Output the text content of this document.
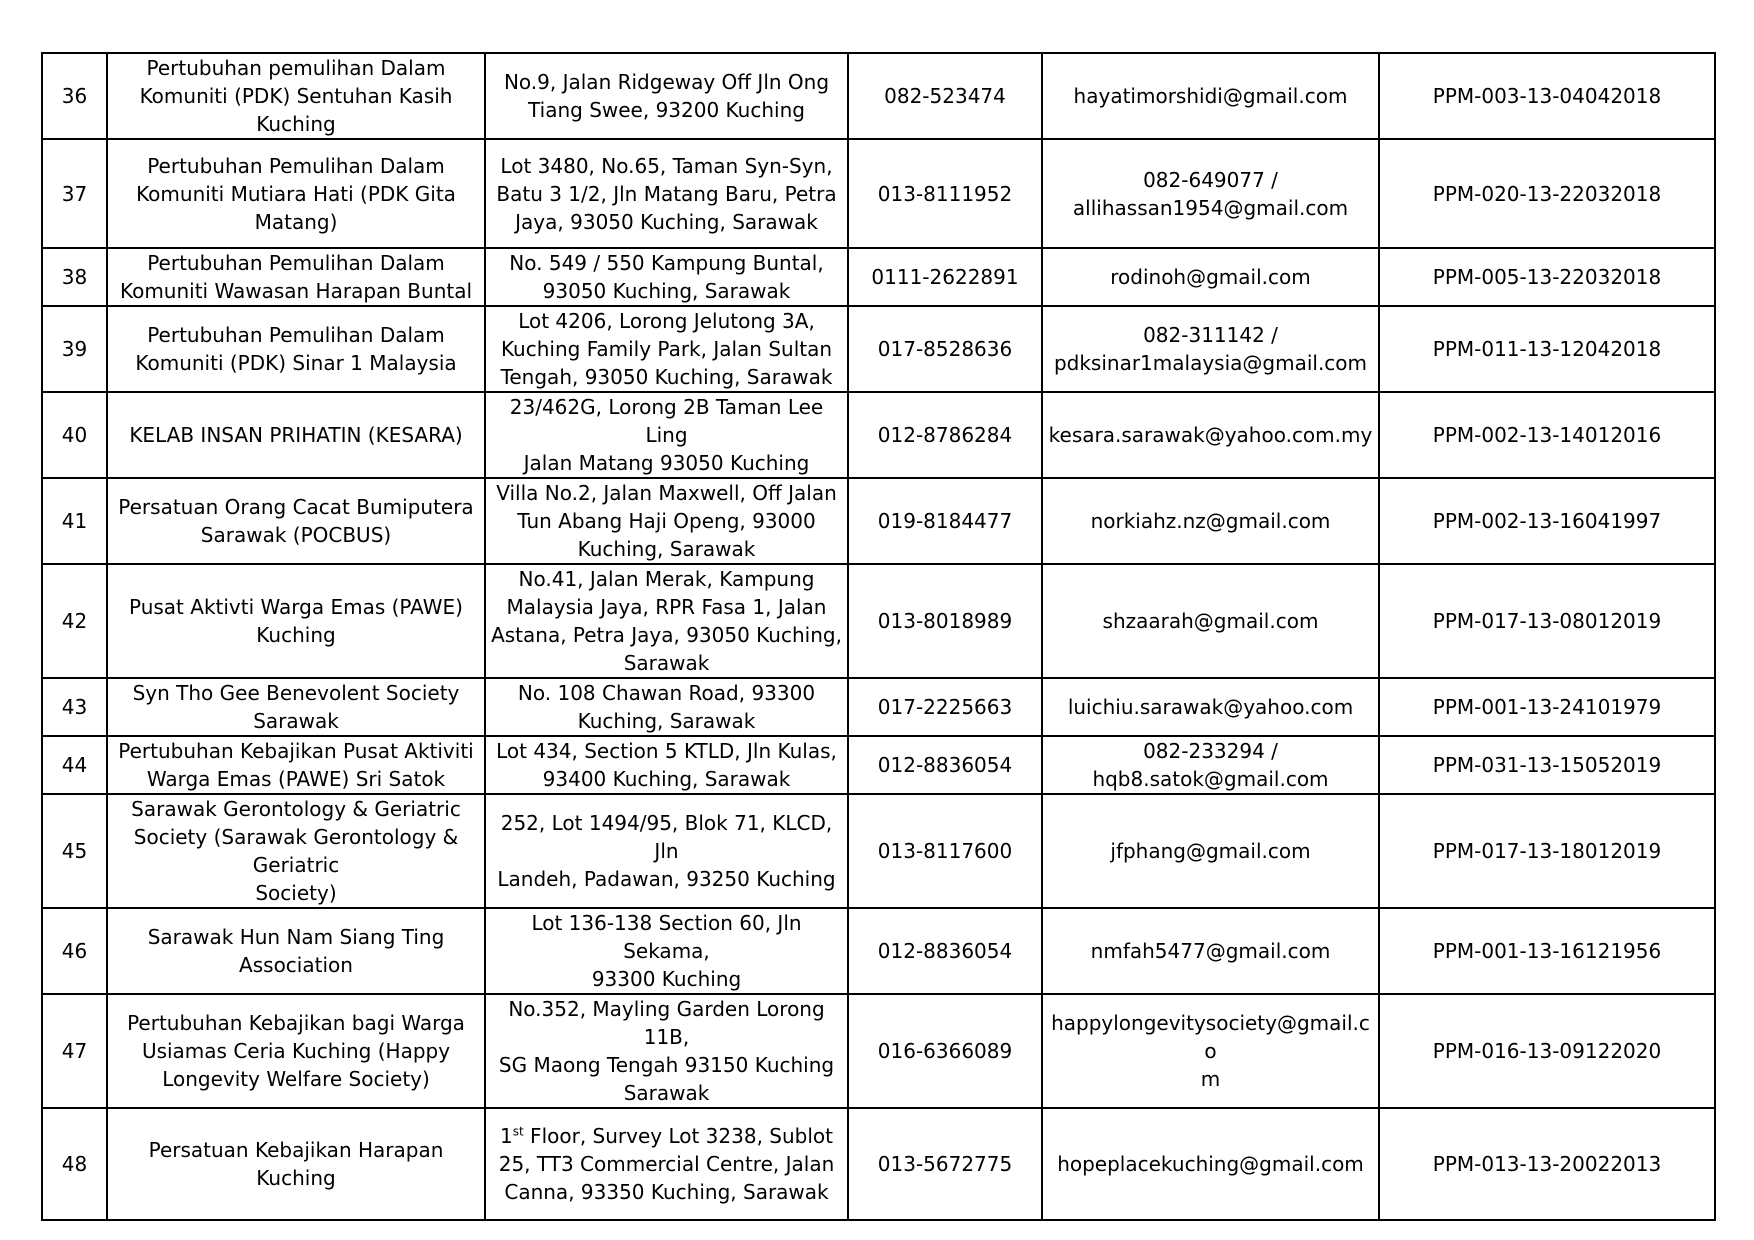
36	Pertubuhan pemulihan Dalam
Komuniti (PDK) Sentuhan Kasih
Kuching	No.9, Jalan Ridgeway Off Jln Ong
Tiang Swee, 93200 Kuching	082-523474	hayatimorshidi@gmail.com	PPM-003-13-04042018
37	Pertubuhan Pemulihan Dalam
Komuniti Mutiara Hati (PDK Gita
Matang)	Lot 3480, No.65, Taman Syn-Syn,
Batu 3 1/2, Jln Matang Baru, Petra
Jaya, 93050 Kuching, Sarawak	013-8111952	082-649077 /
allihassan1954@gmail.com	PPM-020-13-22032018
38	Pertubuhan Pemulihan Dalam
Komuniti Wawasan Harapan Buntal	No. 549 / 550 Kampung Buntal,
93050 Kuching, Sarawak	0111-2622891	rodinoh@gmail.com	PPM-005-13-22032018
39	Pertubuhan Pemulihan Dalam
Komuniti (PDK) Sinar 1 Malaysia	Lot 4206, Lorong Jelutong 3A,
Kuching Family Park, Jalan Sultan
Tengah, 93050 Kuching, Sarawak	017-8528636	082-311142 /
pdksinar1malaysia@gmail.com	PPM-011-13-12042018
40	KELAB INSAN PRIHATIN (KESARA)	23/462G, Lorong 2B Taman Lee Ling
Jalan Matang 93050 Kuching	012-8786284	kesara.sarawak@yahoo.com.my	PPM-002-13-14012016
41	Persatuan Orang Cacat Bumiputera
Sarawak (POCBUS)	Villa No.2, Jalan Maxwell, Off Jalan
Tun Abang Haji Openg, 93000
Kuching, Sarawak	019-8184477	norkiahz.nz@gmail.com	PPM-002-13-16041997
42	Pusat Aktivti Warga Emas (PAWE)
Kuching	No.41, Jalan Merak, Kampung
Malaysia Jaya, RPR Fasa 1, Jalan
Astana, Petra Jaya, 93050 Kuching,
Sarawak	013-8018989	shzaarah@gmail.com	PPM-017-13-08012019
43	Syn Tho Gee Benevolent Society
Sarawak	No. 108 Chawan Road, 93300
Kuching, Sarawak	017-2225663	luichiu.sarawak@yahoo.com	PPM-001-13-24101979
44	Pertubuhan Kebajikan Pusat Aktiviti
Warga Emas (PAWE) Sri Satok	Lot 434, Section 5 KTLD, Jln Kulas,
93400 Kuching, Sarawak	012-8836054	082-233294 /
hqb8.satok@gmail.com	PPM-031-13-15052019
45	Sarawak Gerontology & Geriatric
Society (Sarawak Gerontology &
Geriatric
Society)	252, Lot 1494/95, Blok 71, KLCD, Jln
Landeh, Padawan, 93250 Kuching	013-8117600	jfphang@gmail.com	PPM-017-13-18012019
46	Sarawak Hun Nam Siang Ting
Association	Lot 136-138 Section 60, Jln Sekama,
93300 Kuching	012-8836054	nmfah5477@gmail.com	PPM-001-13-16121956
47	Pertubuhan Kebajikan bagi Warga
Usiamas Ceria Kuching (Happy
Longevity Welfare Society)	No.352, Mayling Garden Lorong 11B,
SG Maong Tengah 93150 Kuching
Sarawak	016-6366089	happylongevitysociety@gmail.co
m	PPM-016-13-09122020
48	Persatuan Kebajikan Harapan Kuching	1st Floor, Survey Lot 3238, Sublot
25, TT3 Commercial Centre, Jalan
Canna, 93350 Kuching, Sarawak	013-5672775	hopeplacekuching@gmail.com	PPM-013-13-20022013
